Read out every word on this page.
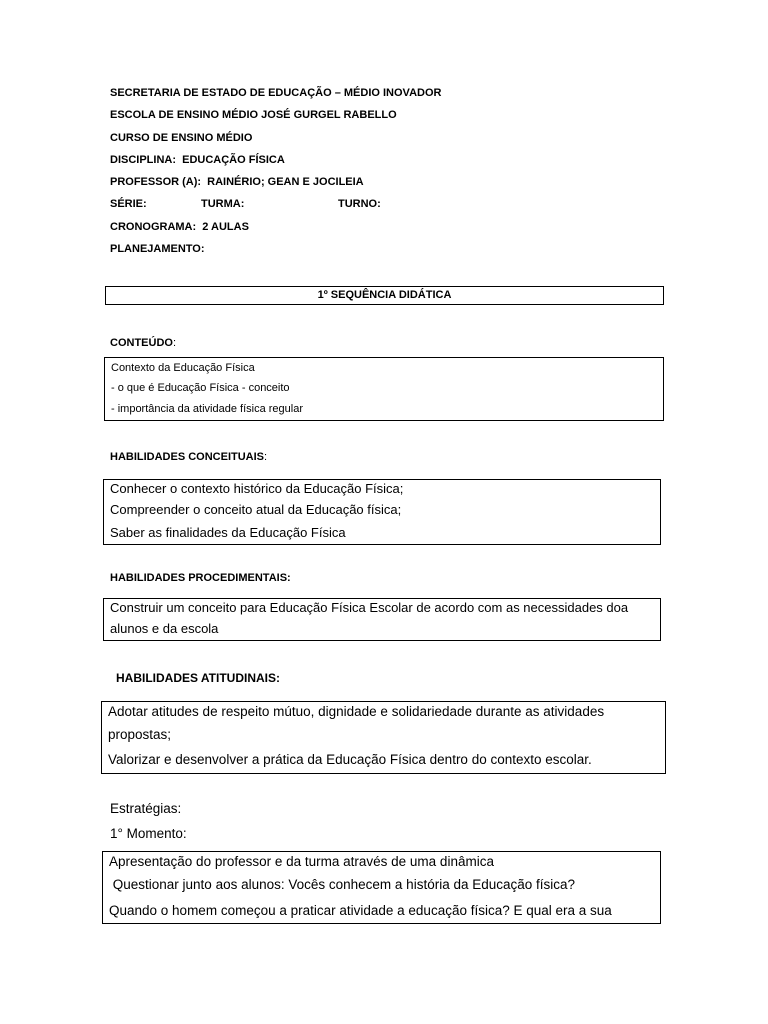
SECRETARIA DE ESTADO DE EDUCAÇÃO – MÉDIO INOVADOR
ESCOLA DE ENSINO MÉDIO JOSÉ GURGEL RABELLO
CURSO DE ENSINO MÉDIO
DISCIPLINA:  EDUCAÇÃO FÍSICA
PROFESSOR (A):  RAINÉRIO; GEAN E JOCILEIA
SÉRIE:	TURMA:	TURNO:
CRONOGRAMA:  2 AULAS
PLANEJAMENTO:
1º SEQUÊNCIA DIDÁTICA
CONTEÚDO:
Contexto da Educação Física
- o que é Educação Física - conceito
- importância da atividade física regular
HABILIDADES CONCEITUAIS:
Conhecer o contexto histórico da Educação Física;
Compreender o conceito atual da Educação física;
Saber as finalidades da Educação Física
HABILIDADES PROCEDIMENTAIS:
Construir um conceito para Educação Física Escolar de acordo com as necessidades doa
alunos e da escola
HABILIDADES ATITUDINAIS:
Adotar atitudes de respeito mútuo, dignidade e solidariedade durante as atividades
propostas;
Valorizar e desenvolver a prática da Educação Física dentro do contexto escolar.
Estratégias:
1° Momento:
Apresentação do professor e da turma através de uma dinâmica
Questionar junto aos alunos: Vocês conhecem a história da Educação física?
Quando o homem começou a praticar atividade a educação física? E qual era a sua
